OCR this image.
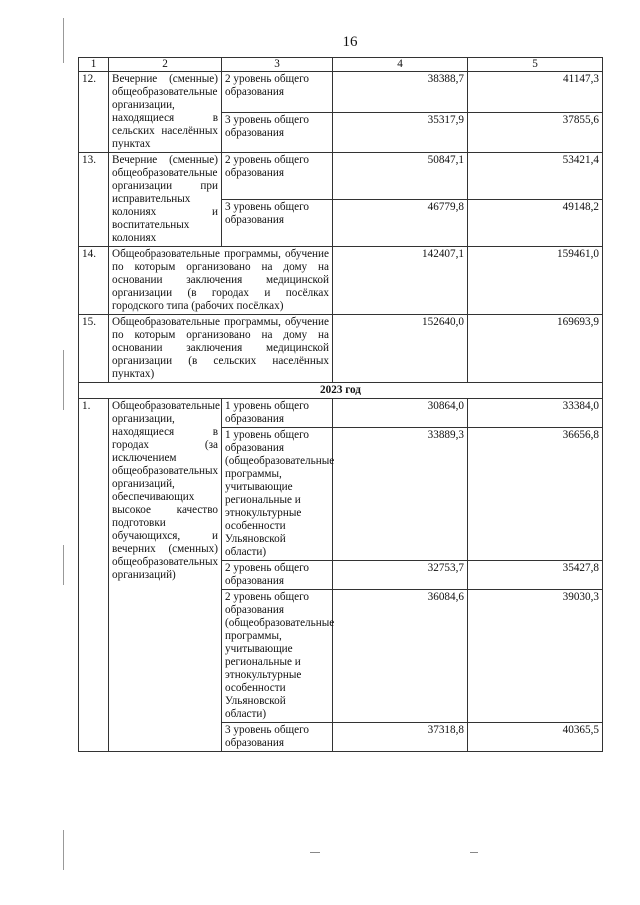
16
1	2	3	4	5
12.	Вечерние (сменные) общеобразовательные организации, находящиеся в сельских населённых пунктах	2 уровень общего образования	38388,7	41147,3
		3 уровень общего образования	35317,9	37855,6
13.	Вечерние (сменные) общеобразовательные организации при исправительных колониях и воспитательных колониях	2 уровень общего образования	50847,1	53421,4
		3 уровень общего образования	46779,8	49148,2
14.	Общеобразовательные программы, обучение по которым организовано на дому на основании заключения медицинской организации (в городах и посёлках городского типа (рабочих посёлках)		142407,1	159461,0
15.	Общеобразовательные программы, обучение по которым организовано на дому на основании заключения медицинской организации (в сельских населённых пунктах)		152640,0	169693,9
2023 год				
1.	Общеобразовательные организации, находящиеся в городах (за исключением общеобразовательных организаций, обеспечивающих высокое качество подготовки обучающихся, и вечерних (сменных) общеобразовательных организаций)	1 уровень общего образования	30864,0	33384,0
		1 уровень общего образования (общеобразовательные программы, учитывающие региональные и этнокультурные особенности Ульяновской области)	33889,3	36656,8
		2 уровень общего образования	32753,7	35427,8
		2 уровень общего образования (общеобразовательные программы, учитывающие региональные и этнокультурные особенности Ульяновской области)	36084,6	39030,3
		3 уровень общего образования	37318,8	40365,5
